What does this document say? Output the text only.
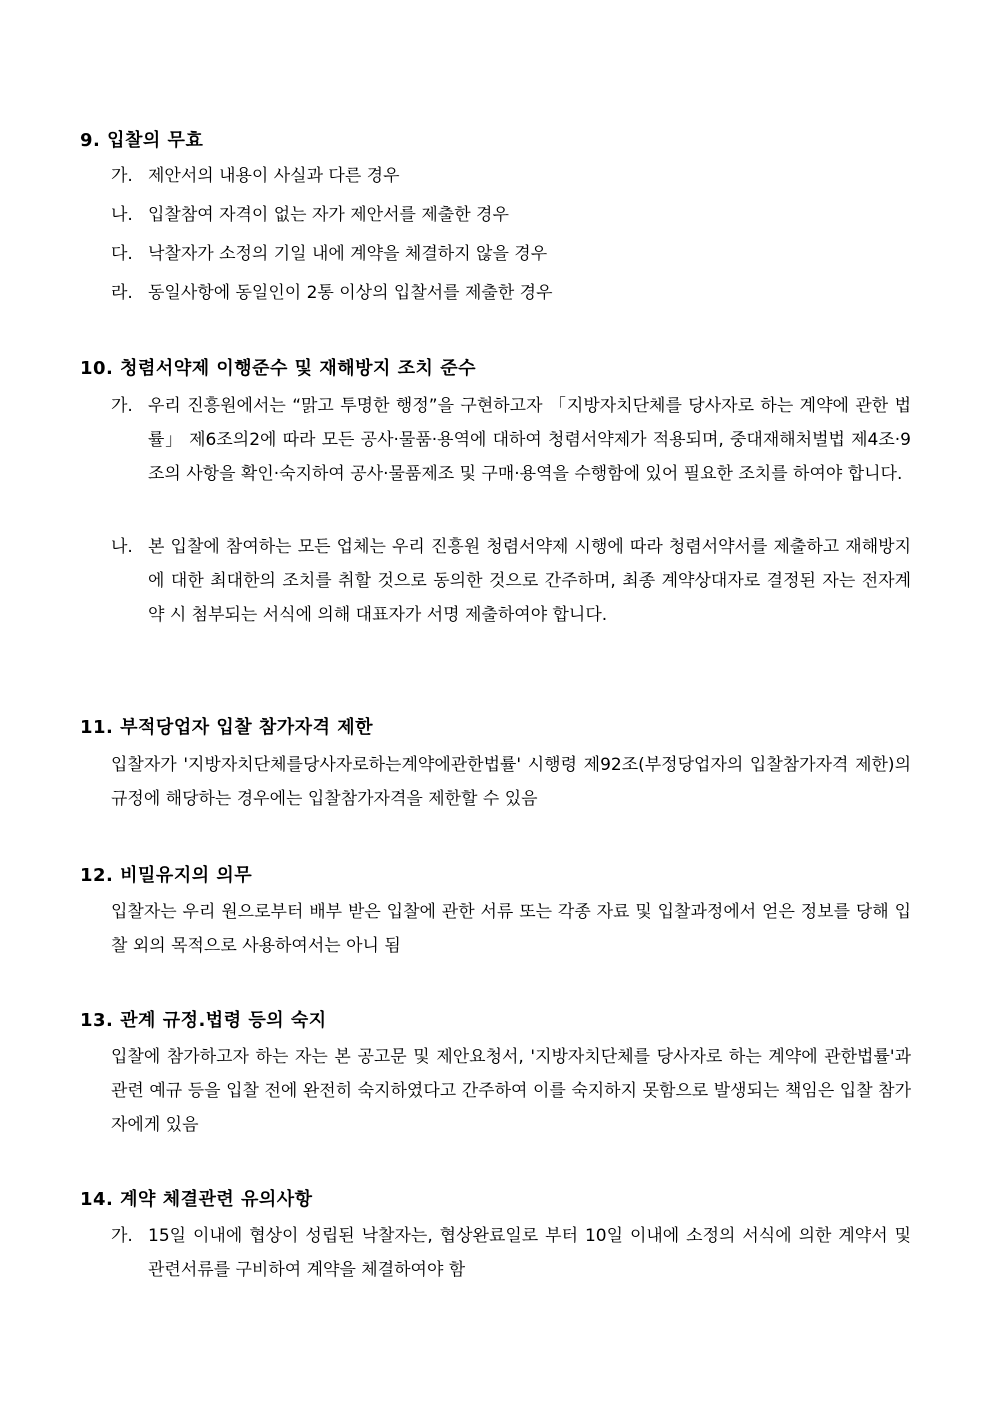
9. 입찰의 무효
가. 제안서의 내용이 사실과 다른 경우
나. 입찰참여 자격이 없는 자가 제안서를 제출한 경우
다. 낙찰자가 소정의 기일 내에 계약을 체결하지 않을 경우
라. 동일사항에 동일인이 2통 이상의 입찰서를 제출한 경우
10. 청렴서약제 이행준수 및 재해방지 조치 준수
가. 우리 진흥원에서는 “맑고 투명한 행정”을 구현하고자 「지방자치단체를 당사자로 하는 계약에 관한 법률」 제6조의2에 따라 모든 공사·물품·용역에 대하여 청렴서약제가 적용되며, 중대재해처벌법 제4조·9조의 사항을 확인·숙지하여 공사·물품제조 및 구매·용역을 수행함에 있어 필요한 조치를 하여야 합니다.
나. 본 입찰에 참여하는 모든 업체는 우리 진흥원 청렴서약제 시행에 따라 청렴서약서를 제출하고 재해방지에 대한 최대한의 조치를 취할 것으로 동의한 것으로 간주하며, 최종 계약상대자로 결정된 자는 전자계약 시 첨부되는 서식에 의해 대표자가 서명 제출하여야 합니다.
11. 부적당업자 입찰 참가자격 제한
입찰자가 '지방자치단체를당사자로하는계약에관한법률' 시행령 제92조(부정당업자의 입찰참가자격 제한)의 규정에 해당하는 경우에는 입찰참가자격을 제한할 수 있음
12. 비밀유지의 의무
입찰자는 우리 원으로부터 배부 받은 입찰에 관한 서류 또는 각종 자료 및 입찰과정에서 얻은 정보를 당해 입찰 외의 목적으로 사용하여서는 아니 됨
13. 관계 규정.법령 등의 숙지
입찰에 참가하고자 하는 자는 본 공고문 및 제안요청서, '지방자치단체를 당사자로 하는 계약에 관한법률'과 관련 예규 등을 입찰 전에 완전히 숙지하였다고 간주하여 이를 숙지하지 못함으로 발생되는 책임은 입찰 참가자에게 있음
14. 계약 체결관련 유의사항
가. 15일 이내에 협상이 성립된 낙찰자는, 협상완료일로 부터 10일 이내에 소정의 서식에 의한 계약서 및 관련서류를 구비하여 계약을 체결하여야 함
